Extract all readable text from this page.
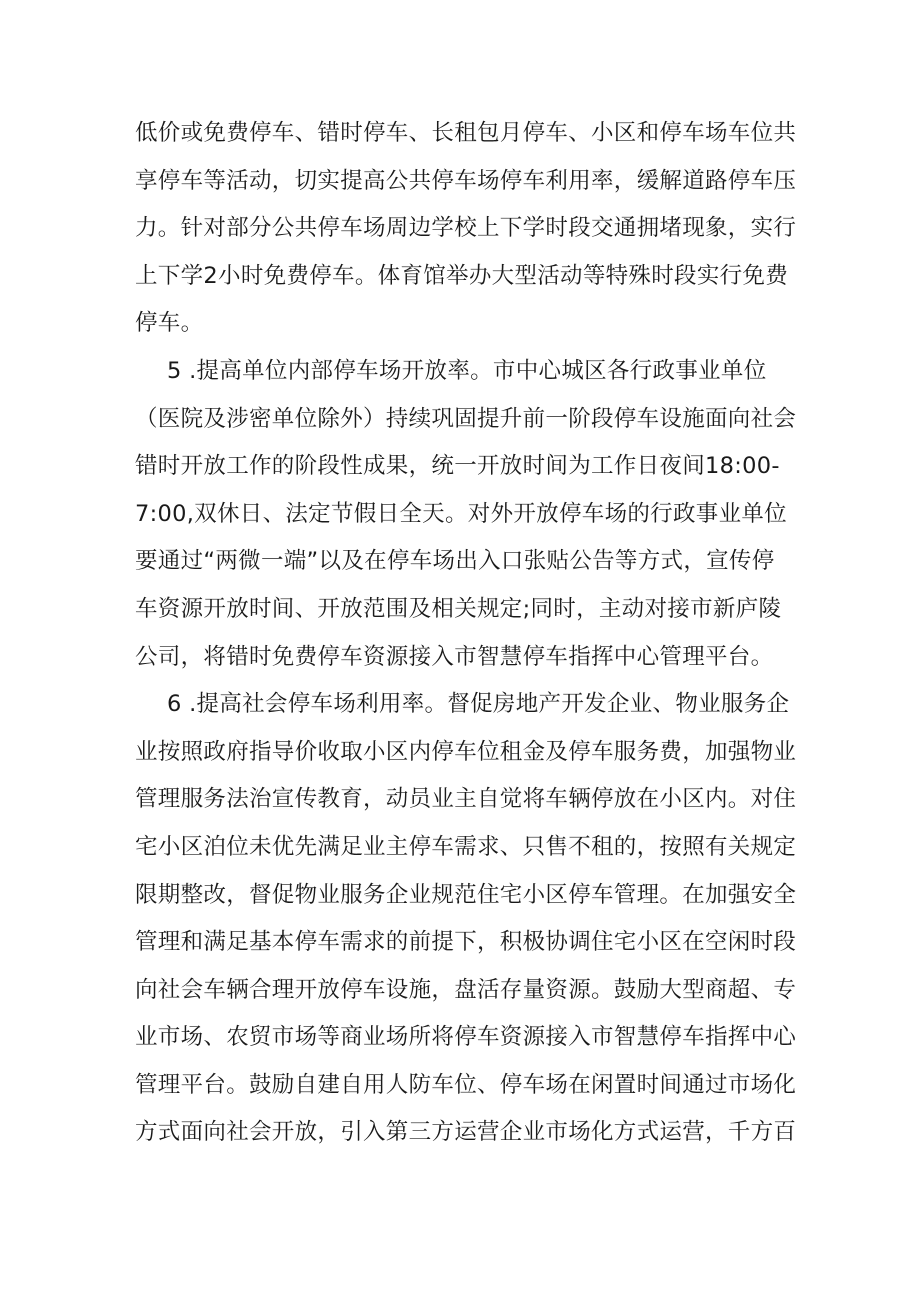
低价或免费停车、错时停车、长租包月停车、小区和停车场车位共
享停车等活动，切实提高公共停车场停车利用率，缓解道路停车压
力。针对部分公共停车场周边学校上下学时段交通拥堵现象，实行
上下学2小时免费停车。体育馆举办大型活动等特殊时段实行免费
停车。
5 .提高单位内部停车场开放率。市中心城区各行政事业单位
（医院及涉密单位除外）持续巩固提升前一阶段停车设施面向社会
错时开放工作的阶段性成果，统一开放时间为工作日夜间18:00-
7:00,双休日、法定节假日全天。对外开放停车场的行政事业单位
要通过“两微一端”以及在停车场出入口张贴公告等方式，宣传停
车资源开放时间、开放范围及相关规定;同时，主动对接市新庐陵
公司，将错时免费停车资源接入市智慧停车指挥中心管理平台。
6 .提高社会停车场利用率。督促房地产开发企业、物业服务企
业按照政府指导价收取小区内停车位租金及停车服务费，加强物业
管理服务法治宣传教育，动员业主自觉将车辆停放在小区内。对住
宅小区泊位未优先满足业主停车需求、只售不租的，按照有关规定
限期整改，督促物业服务企业规范住宅小区停车管理。在加强安全
管理和满足基本停车需求的前提下，积极协调住宅小区在空闲时段
向社会车辆合理开放停车设施，盘活存量资源。鼓励大型商超、专
业市场、农贸市场等商业场所将停车资源接入市智慧停车指挥中心
管理平台。鼓励自建自用人防车位、停车场在闲置时间通过市场化
方式面向社会开放，引入第三方运营企业市场化方式运营，千方百
